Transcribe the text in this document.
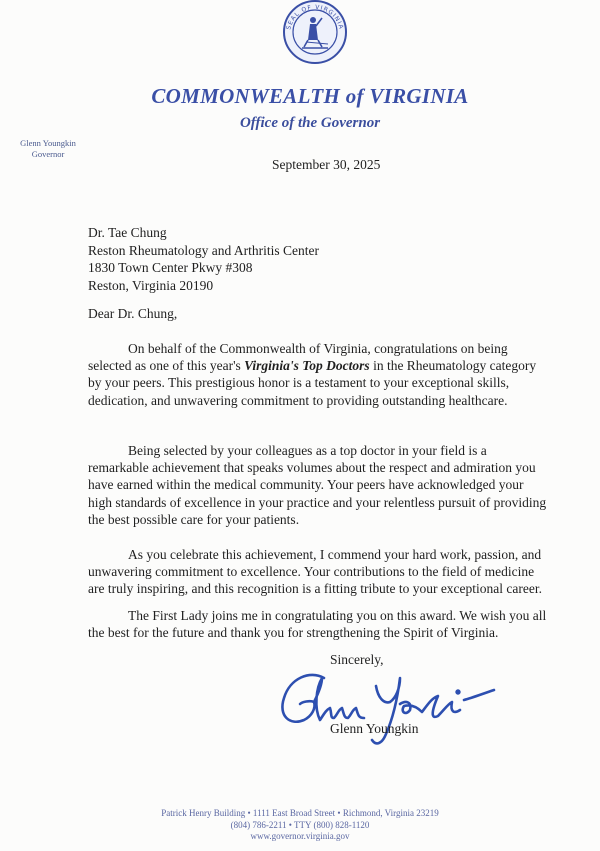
SEAL OF VIRGINIA
COMMONWEALTH of VIRGINIA
Office of the Governor
Glenn Youngkin
Governor
September 30, 2025
Dr. Tae Chung
Reston Rheumatology and Arthritis Center
1830 Town Center Pkwy #308
Reston, Virginia 20190
Dear Dr. Chung,
On behalf of the Commonwealth of Virginia, congratulations on being selected as one of this year's Virginia's Top Doctors in the Rheumatology category by your peers. This prestigious honor is a testament to your exceptional skills, dedication, and unwavering commitment to providing outstanding healthcare.
Being selected by your colleagues as a top doctor in your field is a remarkable achievement that speaks volumes about the respect and admiration you have earned within the medical community. Your peers have acknowledged your high standards of excellence in your practice and your relentless pursuit of providing the best possible care for your patients.
As you celebrate this achievement, I commend your hard work, passion, and unwavering commitment to excellence. Your contributions to the field of medicine are truly inspiring, and this recognition is a fitting tribute to your exceptional career.
The First Lady joins me in congratulating you on this award. We wish you all the best for the future and thank you for strengthening the Spirit of Virginia.
Sincerely,
Glenn Youngkin
Patrick Henry Building • 1111 East Broad Street • Richmond, Virginia 23219
(804) 786-2211 • TTY (800) 828-1120
www.governor.virginia.gov
